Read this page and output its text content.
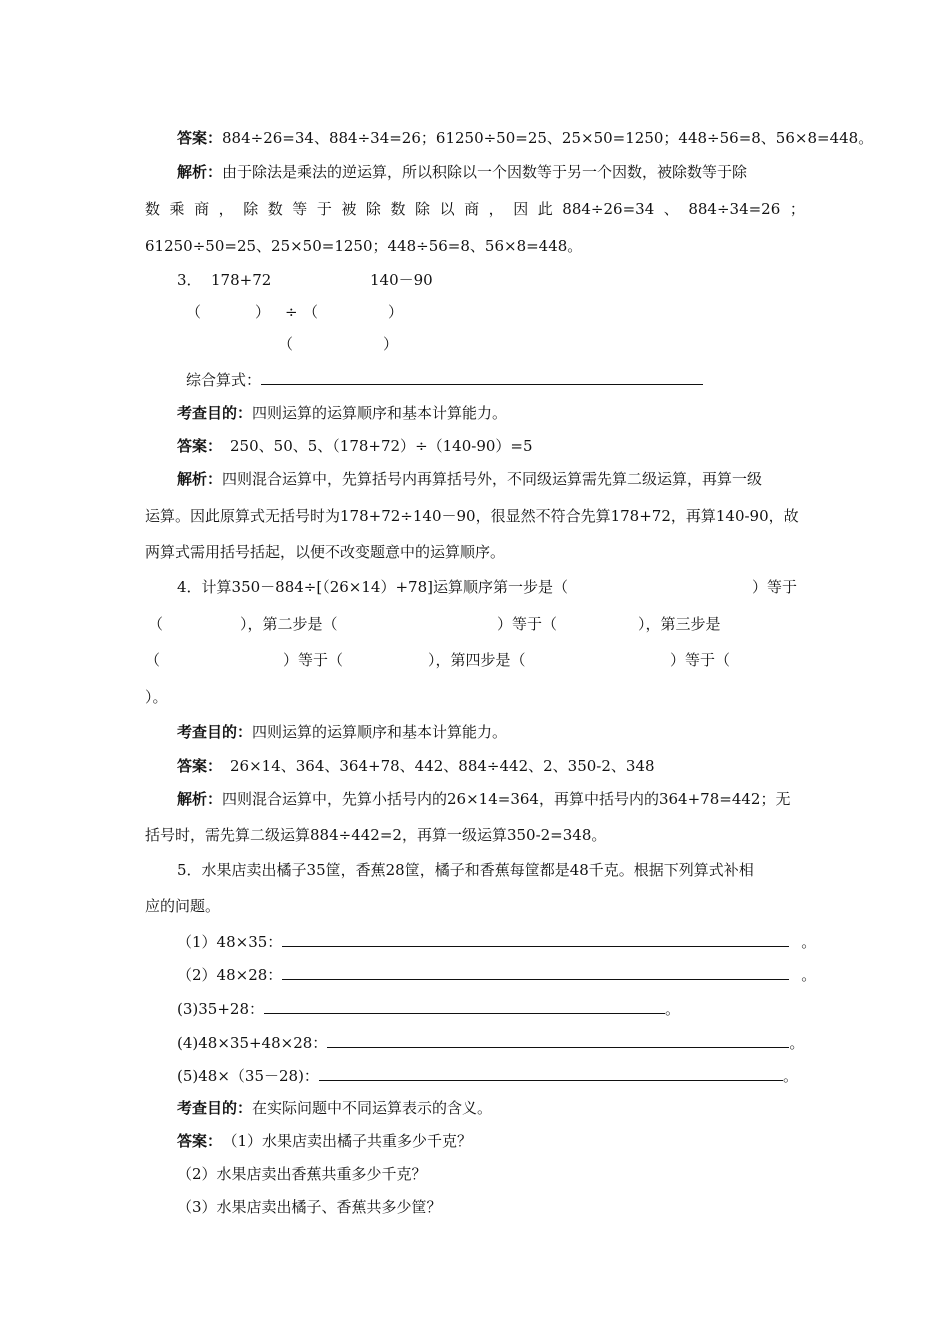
答案：884÷26=34、884÷34=26；61250÷50=25、25×50=1250；448÷56=8、56×8=448。
解析：由于除法是乘法的逆运算，所以积除以一个因数等于另一个因数，被除数等于除
数 乘 商 ， 除 数 等 于 被 除 数 除 以 商 ， 因 此 884÷26=34 、 884÷34=26 ；
61250÷50=25、25×50=1250；448÷56=8、56×8=448。
3． 178+72	140－90
（	） ÷ （	）
（	）
综合算式：
考查目的：四则运算的运算顺序和基本计算能力。
答案： 250、50、5、（178+72）÷（140-90）=5
解析：四则混合运算中，先算括号内再算括号外，不同级运算需先算二级运算，再算一级
运算。因此原算式无括号时为178+72÷140－90，很显然不符合先算178+72，再算140-90，故
两算式需用括号括起，以便不改变题意中的运算顺序。
4．计算350－884÷[（26×14）+78]运算顺序第一步是（	）等于
（	），第二步是（	）等于（	），第三步是
（	）等于（	），第四步是（	）等于（
）。
考查目的：四则运算的运算顺序和基本计算能力。
答案： 26×14、364、364+78、442、884÷442、2、350-2、348
解析：四则混合运算中，先算小括号内的26×14=364，再算中括号内的364+78=442；无
括号时，需先算二级运算884÷442=2，再算一级运算350-2=348。
5．水果店卖出橘子35筐，香蕉28筐，橘子和香蕉每筐都是48千克。根据下列算式补相
应的问题。
（1）48×35：	。
（2）48×28：	。
(3)35+28：	。
(4)48×35+48×28：	。
(5)48×（35－28)：	。
考查目的：在实际问题中不同运算表示的含义。
答案： （1）水果店卖出橘子共重多少千克？
（2）水果店卖出香蕉共重多少千克？
（3）水果店卖出橘子、香蕉共多少筐？
